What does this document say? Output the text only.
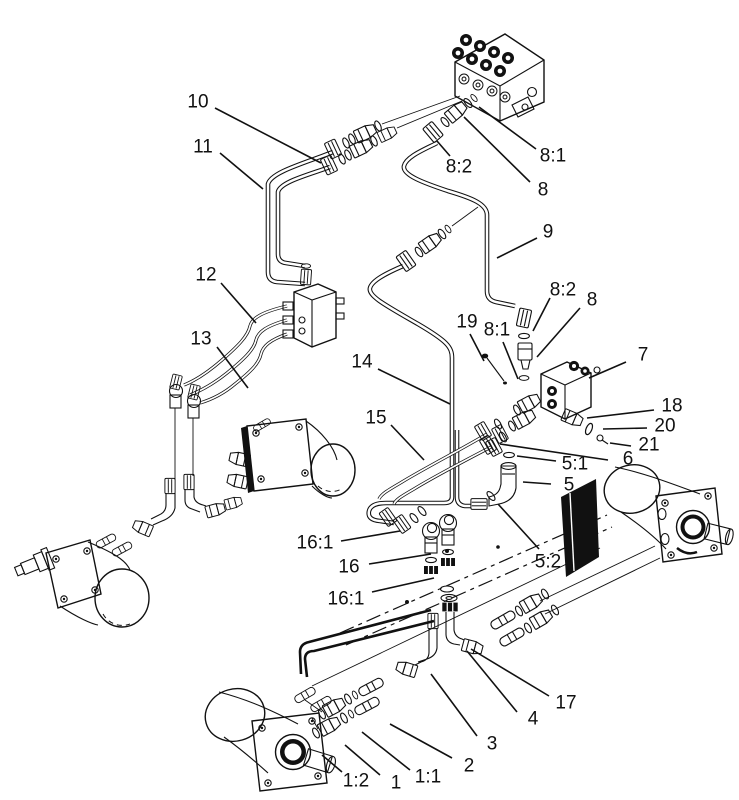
10
11
8:2
8:1
8
9
12
13
8:2 8
19 8:1
7
14
18
15	20
21
6
5:1
5
5:2
16:1
16
16:1
17
4
3
2
1:1
1
1:2
